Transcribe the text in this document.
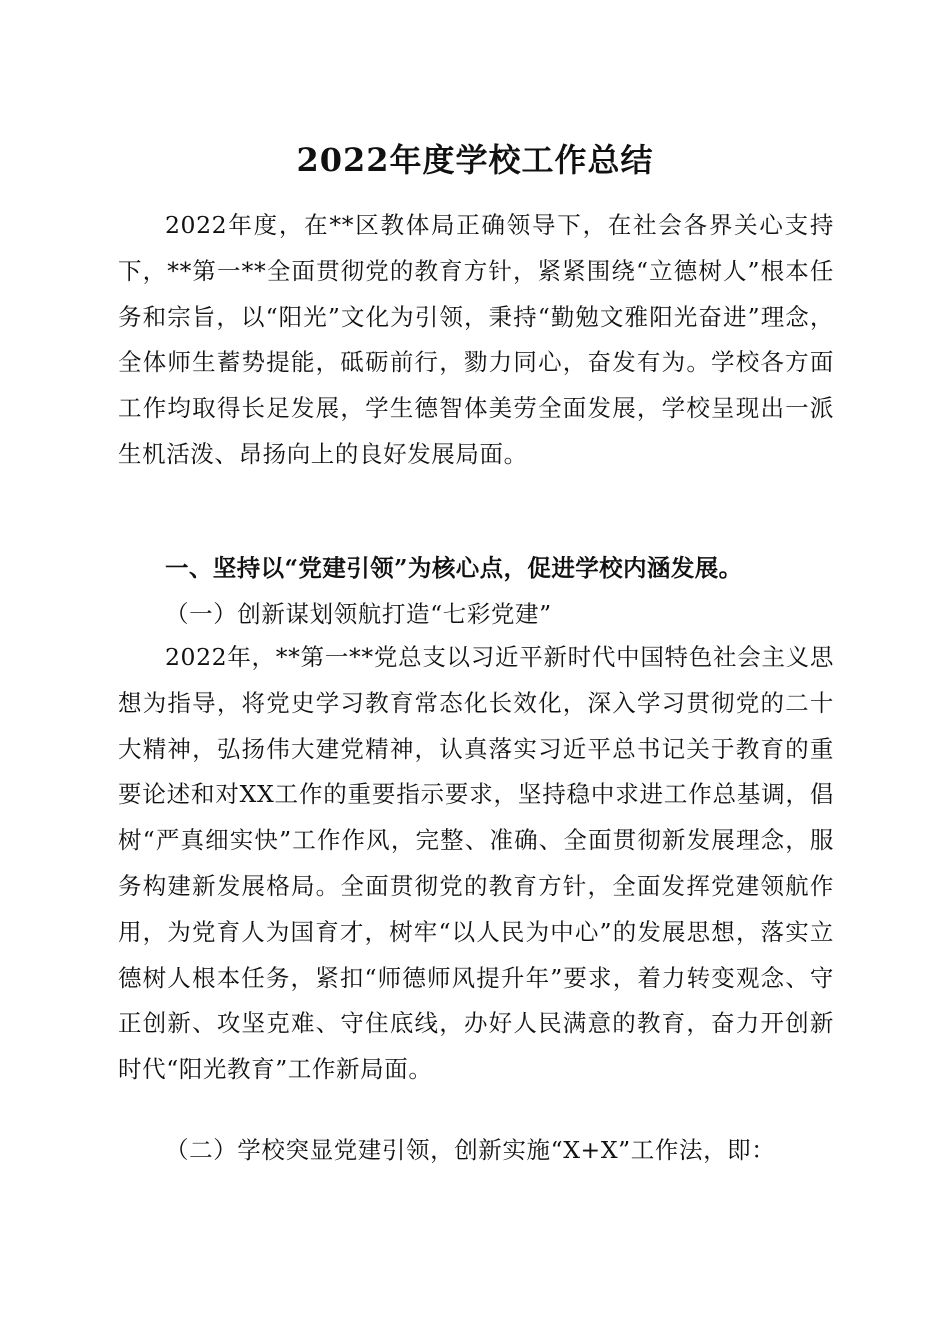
2022年度学校工作总结

2022年度，在**区教体局正确领导下，在社会各界关心支持下，**第一**全面贯彻党的教育方针，紧紧围绕“立德树人”根本任务和宗旨，以“阳光”文化为引领，秉持“勤勉文雅阳光奋进”理念，全体师生蓄势提能，砥砺前行，勠力同心，奋发有为。学校各方面工作均取得长足发展，学生德智体美劳全面发展，学校呈现出一派生机活泼、昂扬向上的良好发展局面。

一、坚持以“党建引领”为核心点，促进学校内涵发展。
（一）创新谋划领航打造“七彩党建”

2022年，**第一**党总支以习近平新时代中国特色社会主义思想为指导，将党史学习教育常态化长效化，深入学习贯彻党的二十大精神，弘扬伟大建党精神，认真落实习近平总书记关于教育的重要论述和对XX工作的重要指示要求，坚持稳中求进工作总基调，倡树“严真细实快”工作作风，完整、准确、全面贯彻新发展理念，服务构建新发展格局。全面贯彻党的教育方针，全面发挥党建领航作用，为党育人为国育才，树牢“以人民为中心”的发展思想，落实立德树人根本任务，紧扣“师德师风提升年”要求，着力转变观念、守正创新、攻坚克难、守住底线，办好人民满意的教育，奋力开创新时代“阳光教育”工作新局面。

（二）学校突显党建引领，创新实施“X+X”工作法，即：
